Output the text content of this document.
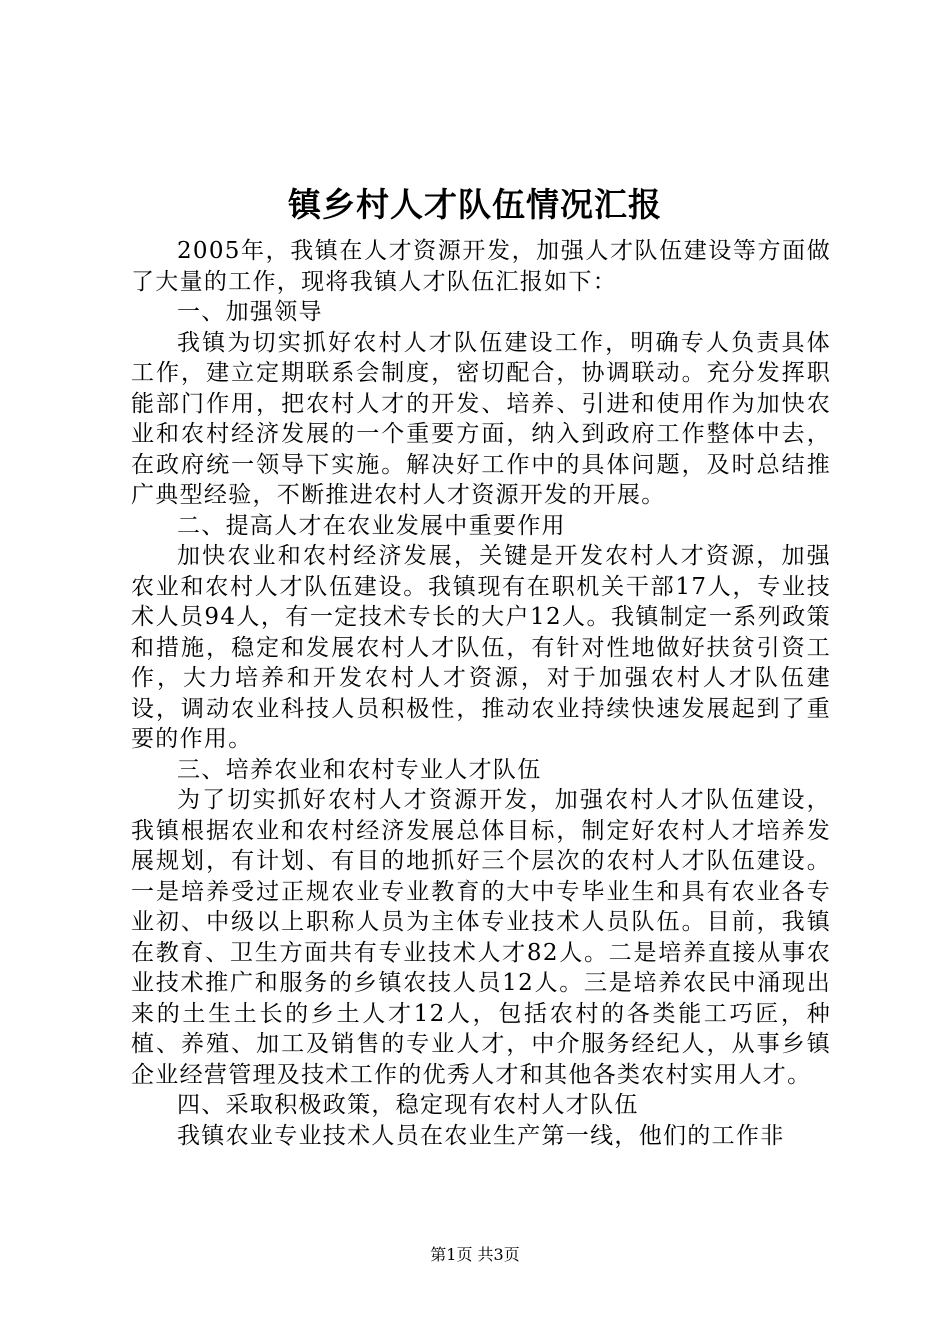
镇乡村人才队伍情况汇报

2005年，我镇在人才资源开发，加强人才队伍建设等方面做了大量的工作，现将我镇人才队伍汇报如下：

一、加强领导

我镇为切实抓好农村人才队伍建设工作，明确专人负责具体工作，建立定期联系会制度，密切配合，协调联动。充分发挥职能部门作用，把农村人才的开发、培养、引进和使用作为加快农业和农村经济发展的一个重要方面，纳入到政府工作整体中去，在政府统一领导下实施。解决好工作中的具体问题，及时总结推广典型经验，不断推进农村人才资源开发的开展。

二、提高人才在农业发展中重要作用

加快农业和农村经济发展，关键是开发农村人才资源，加强农业和农村人才队伍建设。我镇现有在职机关干部17人，专业技术人员94人，有一定技术专长的大户12人。我镇制定一系列政策和措施，稳定和发展农村人才队伍，有针对性地做好扶贫引资工作，大力培养和开发农村人才资源，对于加强农村人才队伍建设，调动农业科技人员积极性，推动农业持续快速发展起到了重要的作用。

三、培养农业和农村专业人才队伍

为了切实抓好农村人才资源开发，加强农村人才队伍建设，我镇根据农业和农村经济发展总体目标，制定好农村人才培养发展规划，有计划、有目的地抓好三个层次的农村人才队伍建设。一是培养受过正规农业专业教育的大中专毕业生和具有农业各专业初、中级以上职称人员为主体专业技术人员队伍。目前，我镇在教育、卫生方面共有专业技术人才82人。二是培养直接从事农业技术推广和服务的乡镇农技人员12人。三是培养农民中涌现出来的土生土长的乡土人才12人，包括农村的各类能工巧匠，种植、养殖、加工及销售的专业人才，中介服务经纪人，从事乡镇企业经营管理及技术工作的优秀人才和其他各类农村实用人才。

四、采取积极政策，稳定现有农村人才队伍

我镇农业专业技术人员在农业生产第一线，他们的工作非

第1页 共3页
